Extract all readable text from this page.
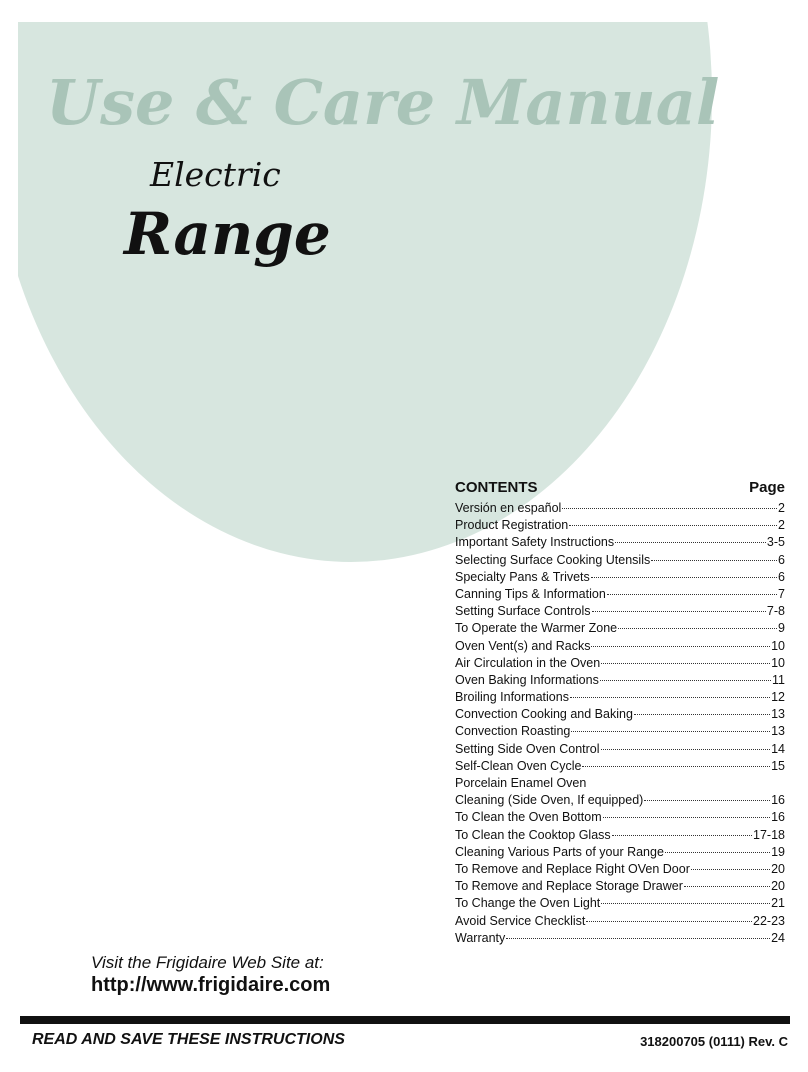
Use & Care Manual
Electric
Range
CONTENTS	Page
Versión en español	2
Product Registration	2
Important Safety Instructions	3-5
Selecting Surface Cooking Utensils	6
Specialty Pans & Trivets	6
Canning Tips & Information	7
Setting Surface Controls	7-8
To Operate the Warmer Zone	9
Oven Vent(s) and Racks	10
Air Circulation in the Oven	10
Oven Baking Informations	11
Broiling Informations	12
Convection Cooking and Baking	13
Convection Roasting	13
Setting Side Oven Control	14
Self-Clean Oven Cycle	15
Porcelain Enamel Oven
Cleaning (Side Oven, If equipped)	16
To Clean the Oven Bottom	16
To Clean the Cooktop Glass	17-18
Cleaning Various Parts of your Range	19
To Remove and Replace Right OVen Door	20
To Remove and Replace Storage Drawer	20
To Change the Oven Light	21
Avoid Service Checklist	22-23
Warranty	24
Visit the Frigidaire Web Site at:
http://www.frigidaire.com
READ AND SAVE THESE INSTRUCTIONS	318200705 (0111) Rev. C
